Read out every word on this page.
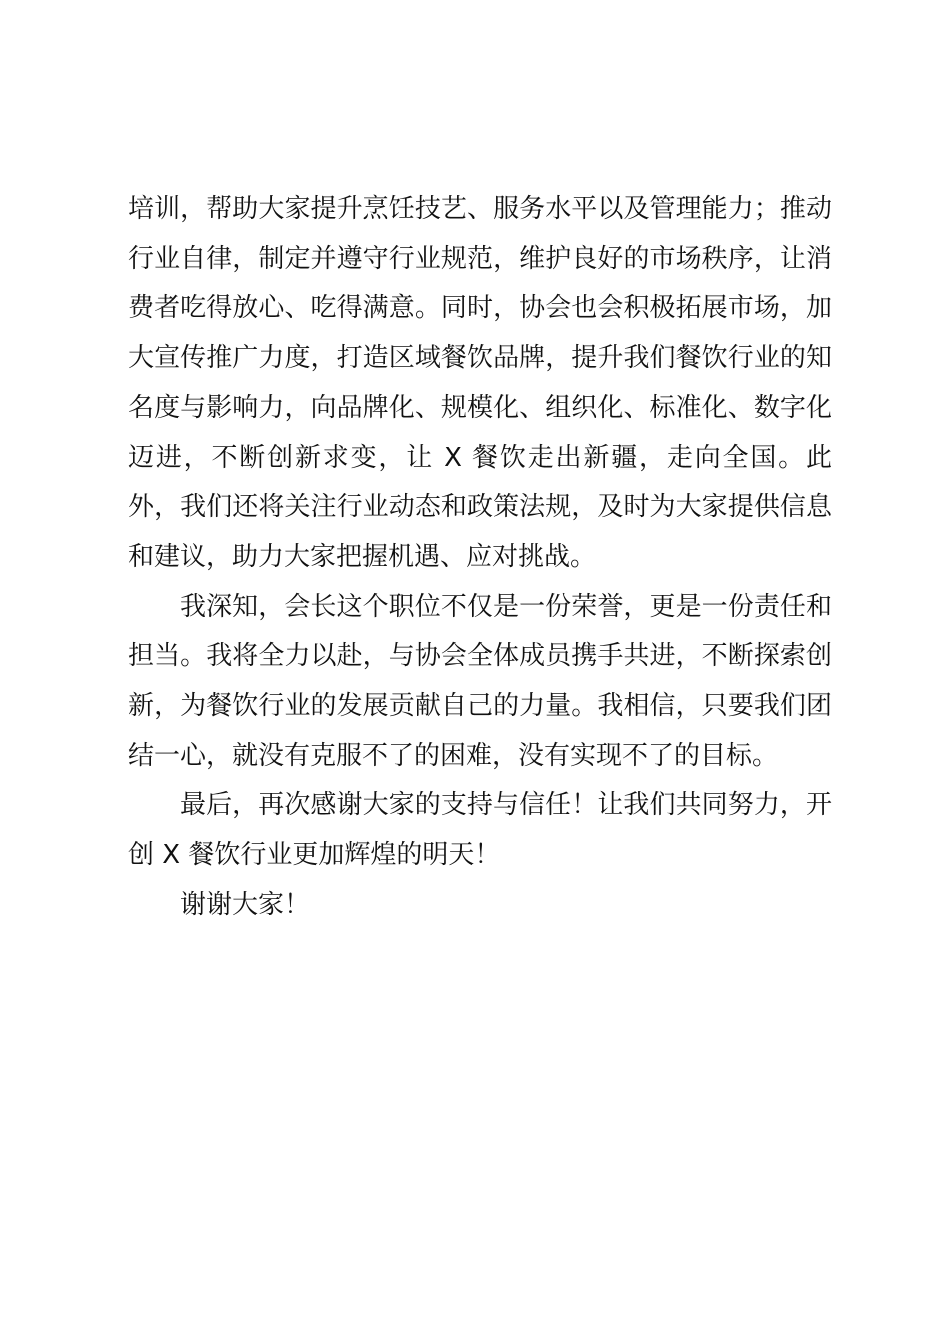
培训，帮助大家提升烹饪技艺、服务水平以及管理能力；推动行业自律，制定并遵守行业规范，维护良好的市场秩序，让消费者吃得放心、吃得满意。同时，协会也会积极拓展市场，加大宣传推广力度，打造区域餐饮品牌，提升我们餐饮行业的知名度与影响力，向品牌化、规模化、组织化、标准化、数字化迈进，不断创新求变，让 X 餐饮走出新疆，走向全国。此外，我们还将关注行业动态和政策法规，及时为大家提供信息和建议，助力大家把握机遇、应对挑战。

我深知，会长这个职位不仅是一份荣誉，更是一份责任和担当。我将全力以赴，与协会全体成员携手共进，不断探索创新，为餐饮行业的发展贡献自己的力量。我相信，只要我们团结一心，就没有克服不了的困难，没有实现不了的目标。

最后，再次感谢大家的支持与信任！让我们共同努力，开创 X 餐饮行业更加辉煌的明天！

谢谢大家！
